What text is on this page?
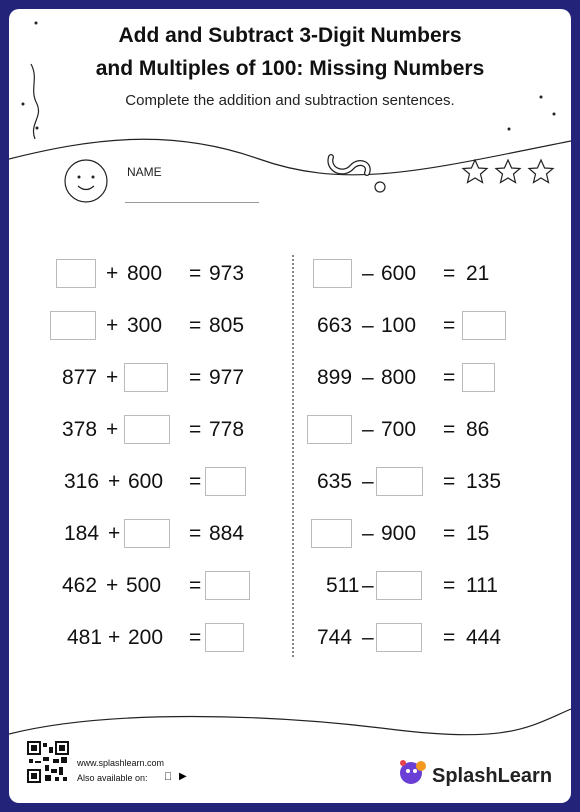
Add and Subtract 3-Digit Numbers
and Multiples of 100: Missing Numbers
Complete the addition and subtraction sentences.
NAME
+ 800 = 973
+ 300 = 805
877 +	= 977
378 +	= 778
316 + 600 =
184 +	= 884
462 + 500 =
481 + 200 =
– 600 = 21
663 – 100 =
899 – 800 =
– 700 = 86
635 –	= 135
– 900 = 15
511 –	= 111
744 –	= 444
www.splashlearn.com
Also available on:	▶	SplashLearn
